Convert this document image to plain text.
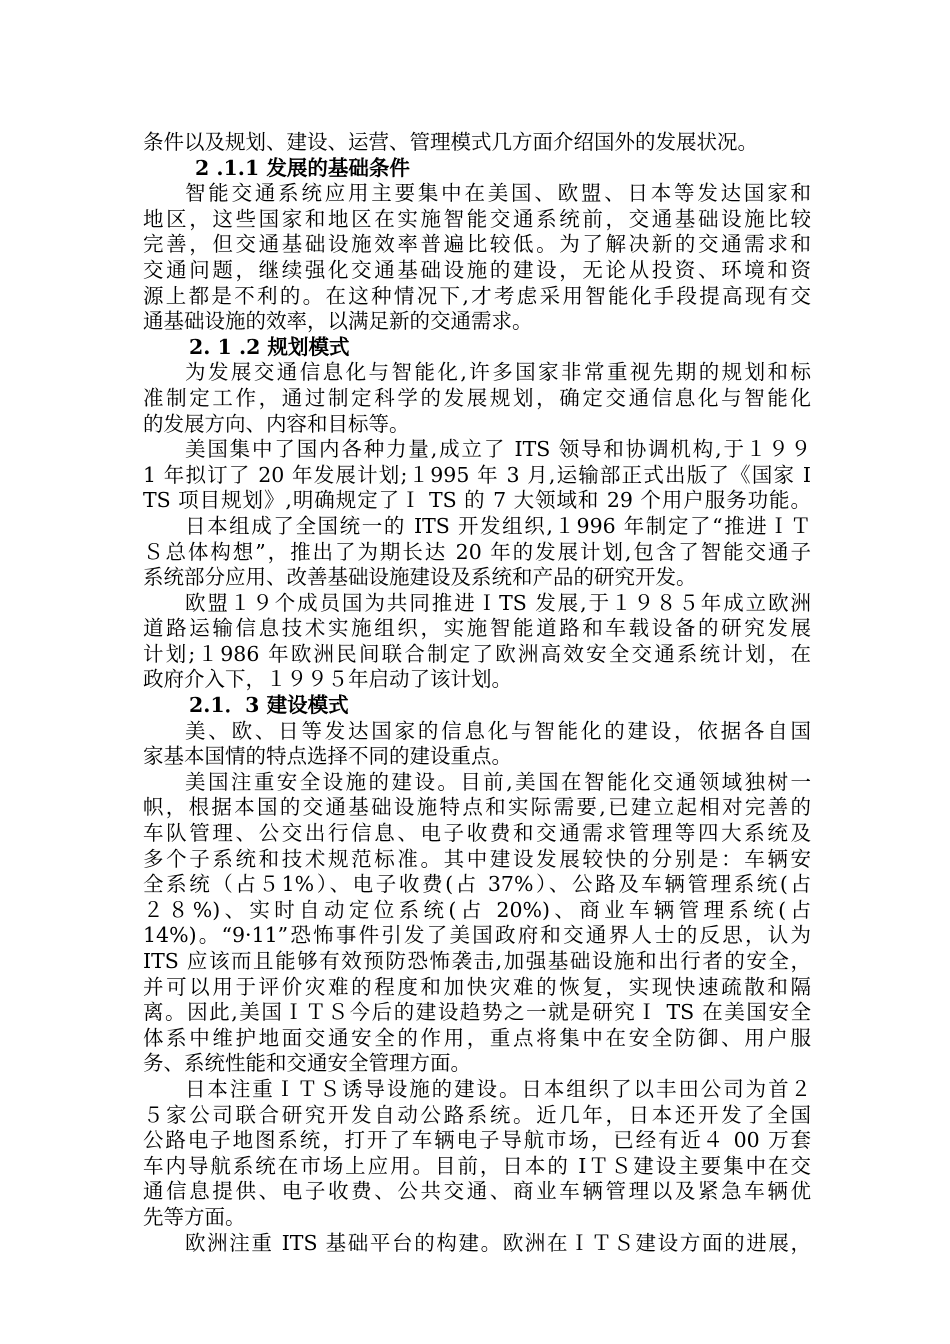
条件以及规划、建设、运营、管理模式几方面介绍国外的发展状况。
2 .1.1 发展的基础条件
智能交通系统应用主要集中在美国、欧盟、日本等发达国家和
地区，这些国家和地区在实施智能交通系统前，交通基础设施比较
完善，但交通基础设施效率普遍比较低。为了解决新的交通需求和
交通问题，继续强化交通基础设施的建设，无论从投资、环境和资
源上都是不利的。在这种情况下,才考虑采用智能化手段提高现有交
通基础设施的效率，以满足新的交通需求。
2. 1 .2 规划模式
为发展交通信息化与智能化,许多国家非常重视先期的规划和标
准制定工作，通过制定科学的发展规划，确定交通信息化与智能化
的发展方向、内容和目标等。
美国集中了国内各种力量,成立了 ITS 领导和协调机构,于１９９
1 年拟订了 20 年发展计划;１995 年 3 月,运输部正式出版了《国家 I
TS 项目规划》,明确规定了Ｉ TS 的 7 大领域和 29 个用户服务功能。
日本组成了全国统一的 ITS 开发组织,１996 年制定了“推进ＩＴ
Ｓ总体构想”，推出了为期长达 20 年的发展计划,包含了智能交通子
系统部分应用、改善基础设施建设及系统和产品的研究开发。
欧盟１９个成员国为共同推进ＩTS 发展,于１９８５年成立欧洲
道路运输信息技术实施组织，实施智能道路和车载设备的研究发展
计划;１986 年欧洲民间联合制定了欧洲高效安全交通系统计划，在
政府介入下，１９９５年启动了该计划。
2.1．3 建设模式
美、欧、日等发达国家的信息化与智能化的建设，依据各自国
家基本国情的特点选择不同的建设重点。
美国注重安全设施的建设。目前,美国在智能化交通领域独树一
帜，根据本国的交通基础设施特点和实际需要,已建立起相对完善的
车队管理、公交出行信息、电子收费和交通需求管理等四大系统及
多个子系统和技术规范标准。其中建设发展较快的分别是：车辆安
全系统（占５1%）、电子收费(占 37%）、公路及车辆管理系统(占
２８%)、实时自动定位系统(占 20%)、商业车辆管理系统(占
14%)。“9·11”恐怖事件引发了美国政府和交通界人士的反思，认为
ITS 应该而且能够有效预防恐怖袭击,加强基础设施和出行者的安全，
并可以用于评价灾难的程度和加快灾难的恢复，实现快速疏散和隔
离。因此,美国ＩＴＳ今后的建设趋势之一就是研究Ｉ TS 在美国安全
体系中维护地面交通安全的作用，重点将集中在安全防御、用户服
务、系统性能和交通安全管理方面。
日本注重ＩＴＳ诱导设施的建设。日本组织了以丰田公司为首２
５家公司联合研究开发自动公路系统。近几年，日本还开发了全国
公路电子地图系统，打开了车辆电子导航市场，已经有近４ 00 万套
车内导航系统在市场上应用。目前，日本的 IＴＳ建设主要集中在交
通信息提供、电子收费、公共交通、商业车辆管理以及紧急车辆优
先等方面。
欧洲注重 ITS 基础平台的构建。欧洲在ＩＴＳ建设方面的进展，
